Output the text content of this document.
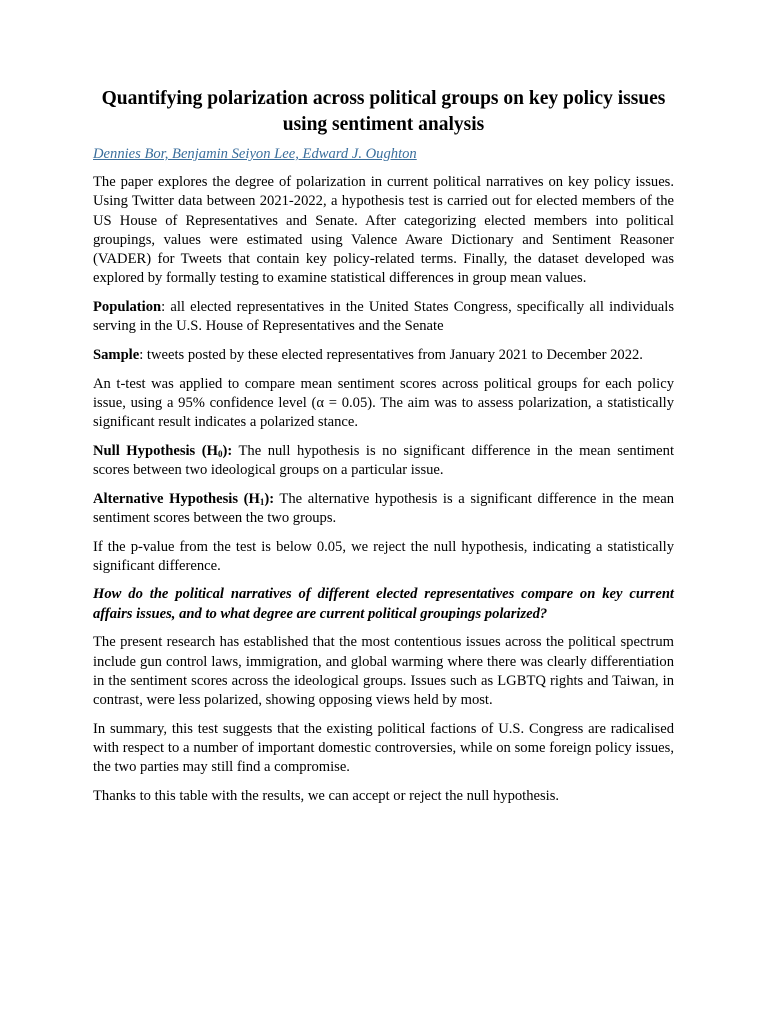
Quantifying polarization across political groups on key policy issues using sentiment analysis
Dennies Bor, Benjamin Seiyon Lee, Edward J. Oughton

The paper explores the degree of polarization in current political narratives on key policy issues. Using Twitter data between 2021-2022, a hypothesis test is carried out for elected members of the US House of Representatives and Senate. After categorizing elected members into political groupings, values were estimated using Valence Aware Dictionary and Sentiment Reasoner (VADER) for Tweets that contain key policy-related terms. Finally, the dataset developed was explored by formally testing to examine statistical differences in group mean values.

Population: all elected representatives in the United States Congress, specifically all individuals serving in the U.S. House of Representatives and the Senate

Sample: tweets posted by these elected representatives from January 2021 to December 2022.

An t-test was applied to compare mean sentiment scores across political groups for each policy issue, using a 95% confidence level (α = 0.05). The aim was to assess polarization, a statistically significant result indicates a polarized stance.

Null Hypothesis $(H_0)$: The null hypothesis is no significant difference in the mean sentiment scores between two ideological groups on a particular issue.

Alternative Hypothesis $(H_1)$: The alternative hypothesis is a significant difference in the mean sentiment scores between the two groups.

If the p-value from the test is below 0.05, we reject the null hypothesis, indicating a statistically significant difference.

How do the political narratives of different elected representatives compare on key current affairs issues, and to what degree are current political groupings polarized?

The present research has established that the most contentious issues across the political spectrum include gun control laws, immigration, and global warming where there was clearly differentiation in the sentiment scores across the ideological groups. Issues such as LGBTQ rights and Taiwan, in contrast, were less polarized, showing opposing views held by most.

In summary, this test suggests that the existing political factions of U.S. Congress are radicalised with respect to a number of important domestic controversies, while on some foreign policy issues, the two parties may still find a compromise.

Thanks to this table with the results, we can accept or reject the null hypothesis.
